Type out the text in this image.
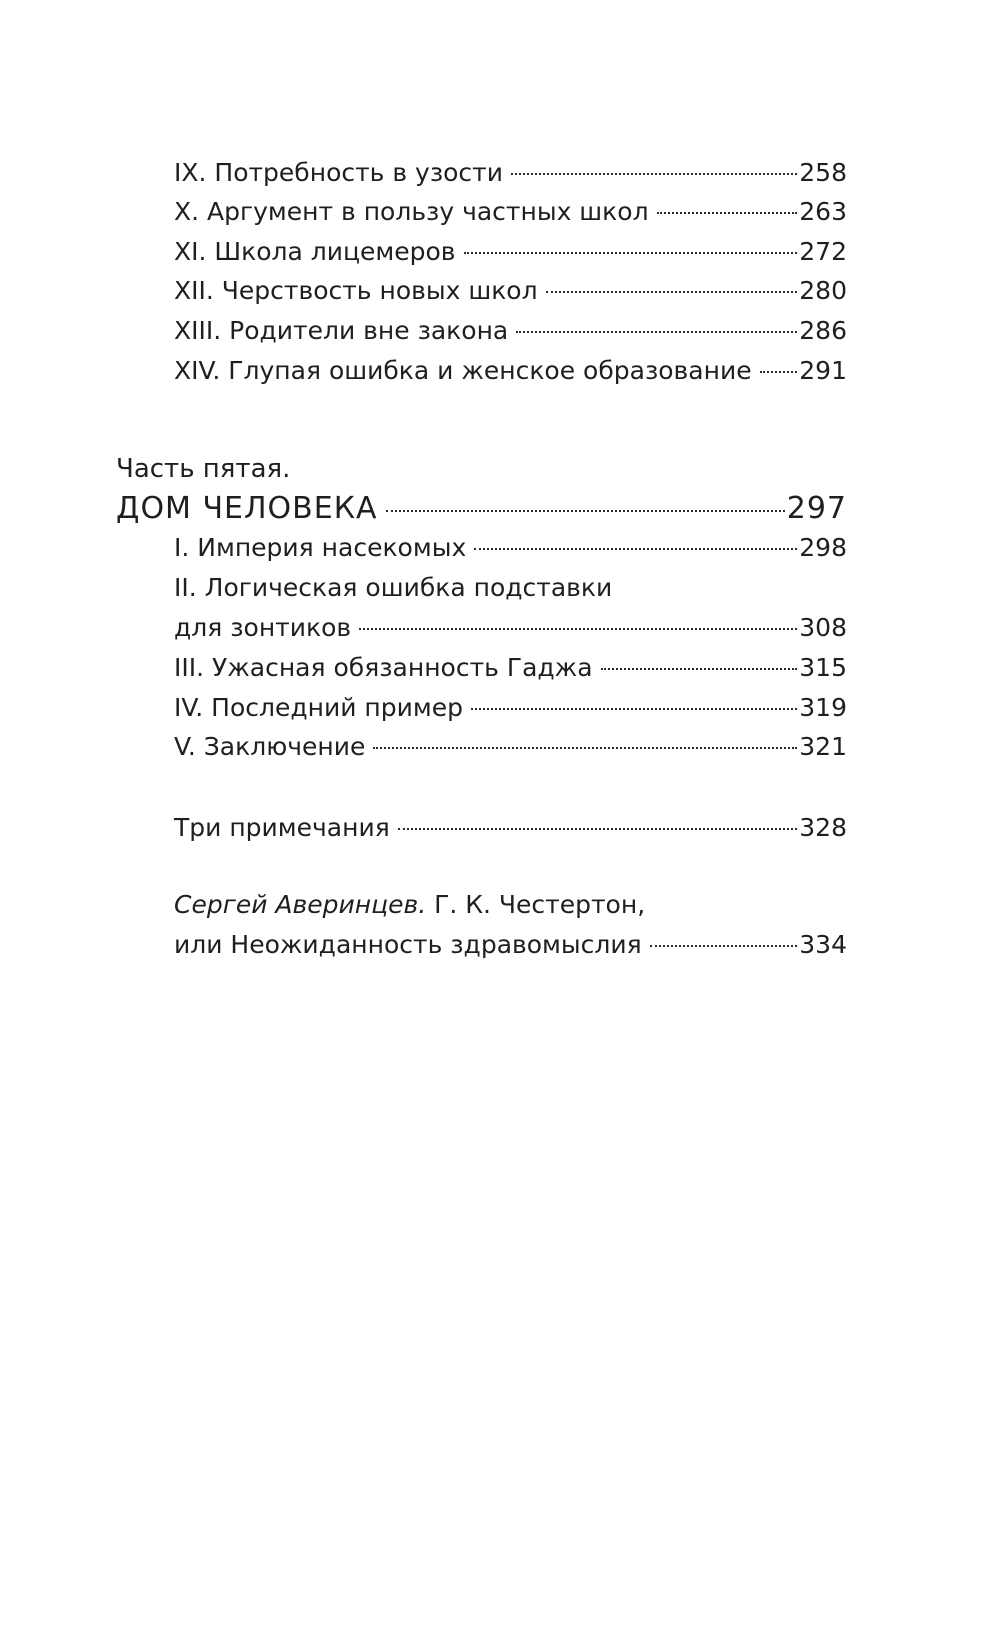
IX. Потребность в узости	258
X. Аргумент в пользу частных школ	263
XI. Школа лицемеров	272
XII. Черствость новых школ	280
XIII. Родители вне закона	286
XIV. Глупая ошибка и женское образование 291
Часть пятая.
ДОМ ЧЕЛОВЕКА	297
I. Империя насекомых	298
II. Логическая ошибка подставки
для зонтиков	308
III. Ужасная обязанность Гаджа	315
IV. Последний пример	319
V. Заключение	321
Три примечания	328
Сергей Аверинцев. Г. К. Честертон,
или Неожиданность здравомыслия	334
